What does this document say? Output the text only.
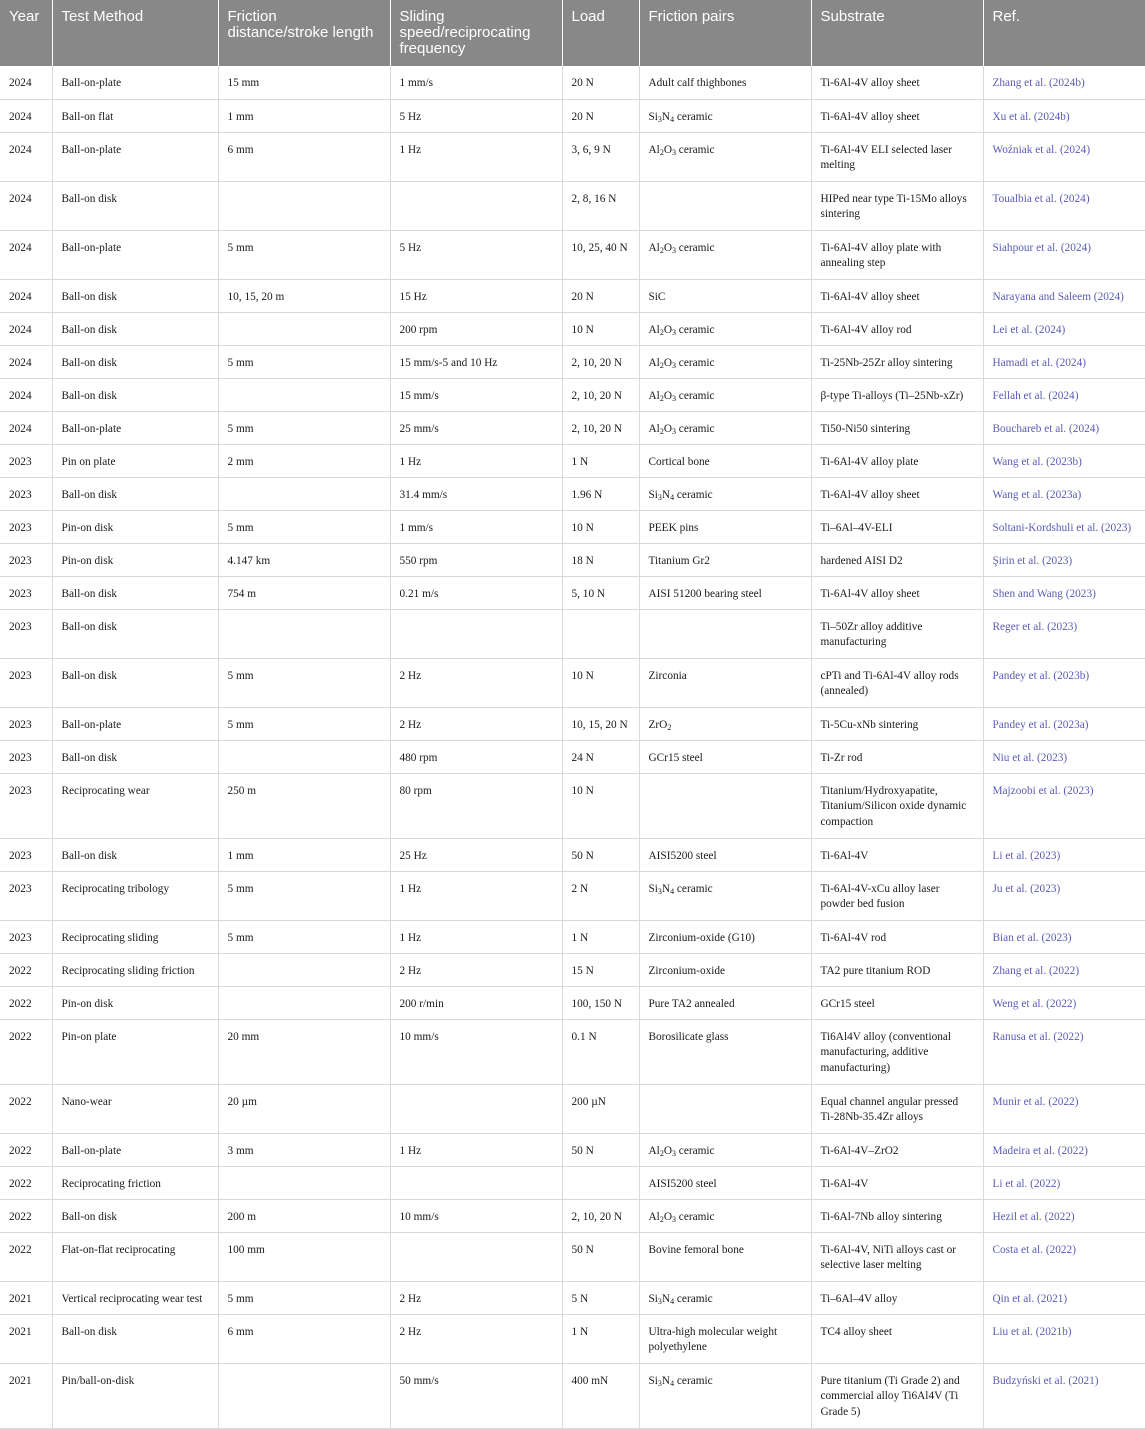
Year	Test Method	Friction distance/stroke length	Sliding speed/reciprocating frequency	Load	Friction pairs	Substrate	Ref.
2024	Ball-on-plate	15 mm	1 mm/s	20 N	Adult calf thighbones	Ti-6Al-4V alloy sheet	Zhang et al. (2024b)
2024	Ball-on flat	1 mm	5 Hz	20 N	$Si_3N_4$ ceramic	Ti-6Al-4V alloy sheet	Xu et al. (2024b)
2024	Ball-on-plate	6 mm	1 Hz	3, 6, 9 N	$Al_2O_3$ ceramic	Ti-6Al-4V ELI selected laser melting	Woźniak et al. (2024)
2024	Ball-on disk			2, 8, 16 N		HIPed near type Ti-15Mo alloys sintering	Toualbia et al. (2024)
2024	Ball-on-plate	5 mm	5 Hz	10, 25, 40 N	$Al_2O_3$ ceramic	Ti-6Al-4V alloy plate with annealing step	Siahpour et al. (2024)
2024	Ball-on disk	10, 15, 20 m	15 Hz	20 N	SiC	Ti-6Al-4V alloy sheet	Narayana and Saleem (2024)
2024	Ball-on disk		200 rpm	10 N	$Al_2O_3$ ceramic	Ti-6Al-4V alloy rod	Lei et al. (2024)
2024	Ball-on disk	5 mm	15 mm/s-5 and 10 Hz	2, 10, 20 N	$Al_2O_3$ ceramic	Ti-25Nb-25Zr alloy sintering	Hamadi et al. (2024)
2024	Ball-on disk		15 mm/s	2, 10, 20 N	$Al_2O_3$ ceramic	β-type Ti-alloys (Ti–25Nb-xZr)	Fellah et al. (2024)
2024	Ball-on-plate	5 mm	25 mm/s	2, 10, 20 N	$Al_2O_3$ ceramic	Ti50-Ni50 sintering	Bouchareb et al. (2024)
2023	Pin on plate	2 mm	1 Hz	1 N	Cortical bone	Ti-6Al-4V alloy plate	Wang et al. (2023b)
2023	Ball-on disk		31.4 mm/s	1.96 N	$Si_3N_4$ ceramic	Ti-6Al-4V alloy sheet	Wang et al. (2023a)
2023	Pin-on disk	5 mm	1 mm/s	10 N	PEEK pins	Ti–6Al–4V-ELI	Soltani-Kordshuli et al. (2023)
2023	Pin-on disk	4.147 km	550 rpm	18 N	Titanium Gr2	hardened AISI D2	Şirin et al. (2023)
2023	Ball-on disk	754 m	0.21 m/s	5, 10 N	AISI 51200 bearing steel	Ti-6Al-4V alloy sheet	Shen and Wang (2023)
2023	Ball-on disk					Ti–50Zr alloy additive manufacturing	Reger et al. (2023)
2023	Ball-on disk	5 mm	2 Hz	10 N	Zirconia	cPTi and Ti-6Al-4V alloy rods (annealed)	Pandey et al. (2023b)
2023	Ball-on-plate	5 mm	2 Hz	10, 15, 20 N	ZrO$_2$	Ti-5Cu-xNb sintering	Pandey et al. (2023a)
2023	Ball-on disk		480 rpm	24 N	GCr15 steel	Ti-Zr rod	Niu et al. (2023)
2023	Reciprocating wear	250 m	80 rpm	10 N		Titanium/Hydroxyapatite, Titanium/Silicon oxide dynamic compaction	Majzoobi et al. (2023)
2023	Ball-on disk	1 mm	25 Hz	50 N	AISI5200 steel	Ti-6Al-4V	Li et al. (2023)
2023	Reciprocating tribology	5 mm	1 Hz	2 N	$Si_3N_4$ ceramic	Ti-6Al-4V-xCu alloy laser powder bed fusion	Ju et al. (2023)
2023	Reciprocating sliding	5 mm	1 Hz	1 N	Zirconium-oxide (G10)	Ti-6Al-4V rod	Bian et al. (2023)
2022	Reciprocating sliding friction		2 Hz	15 N	Zirconium-oxide	TA2 pure titanium ROD	Zhang et al. (2022)
2022	Pin-on disk		200 r/min	100, 150 N	Pure TA2 annealed	GCr15 steel	Weng et al. (2022)
2022	Pin-on plate	20 mm	10 mm/s	0.1 N	Borosilicate glass	Ti6Al4V alloy (conventional manufacturing, additive manufacturing)	Ranusa et al. (2022)
2022	Nano-wear	20 µm		200 µN		Equal channel angular pressed Ti-28Nb-35.4Zr alloys	Munir et al. (2022)
2022	Ball-on-plate	3 mm	1 Hz	50 N	$Al_2O_3$ ceramic	Ti-6Al-4V–ZrO2	Madeira et al. (2022)
2022	Reciprocating friction				AISI5200 steel	Ti-6Al-4V	Li et al. (2022)
2022	Ball-on disk	200 m	10 mm/s	2, 10, 20 N	$Al_2O_3$ ceramic	Ti-6Al-7Nb alloy sintering	Hezil et al. (2022)
2022	Flat-on-flat reciprocating	100 mm		50 N	Bovine femoral bone	Ti-6Al-4V, NiTi alloys cast or selective laser melting	Costa et al. (2022)
2021	Vertical reciprocating wear test	5 mm	2 Hz	5 N	$Si_3N_4$ ceramic	Ti–6Al–4V alloy	Qin et al. (2021)
2021	Ball-on disk	6 mm	2 Hz	1 N	Ultra-high molecular weight polyethylene	TC4 alloy sheet	Liu et al. (2021b)
2021	Pin/ball-on-disk		50 mm/s	400 mN	$Si_3N_4$ ceramic	Pure titanium (Ti Grade 2) and commercial alloy Ti6Al4V (Ti Grade 5)	Budzyński et al. (2021)
